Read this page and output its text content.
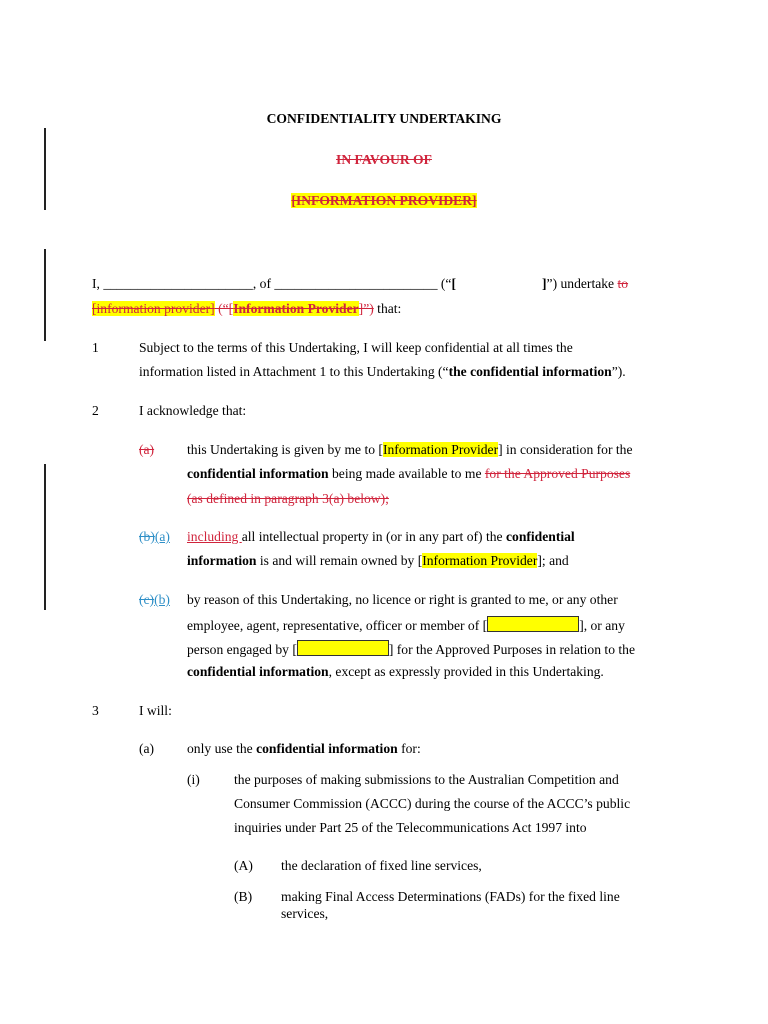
CONFIDENTIALITY UNDERTAKING
IN FAVOUR OF
[INFORMATION PROVIDER]
I, ______________________, of ________________________ (“[	]”) undertake to
[information provider] (“[Information Provider]”) that:
1	Subject to the terms of this Undertaking, I will keep confidential at all times the
information listed in Attachment 1 to this Undertaking (“the confidential information”).
2	I acknowledge that:
(a)	this Undertaking is given by me to [Information Provider] in consideration for the
confidential information being made available to me for the Approved Purposes
(as defined in paragraph 3(a) below);
(b)(a)	including all intellectual property in (or in any part of) the confidential
information is and will remain owned by [Information Provider]; and
(c)(b)	by reason of this Undertaking, no licence or right is granted to me, or any other
employee, agent, representative, officer or member of [	], or any
person engaged by [	] for the Approved Purposes in relation to the
confidential information, except as expressly provided in this Undertaking.
3	I will:
(a) only use the confidential information for:
(i)	the purposes of making submissions to the Australian Competition and
Consumer Commission (ACCC) during the course of the ACCC’s public
inquiries under Part 25 of the Telecommunications Act 1997 into
(A) the declaration of fixed line services,
(B) making Final Access Determinations (FADs) for the fixed line
services,
